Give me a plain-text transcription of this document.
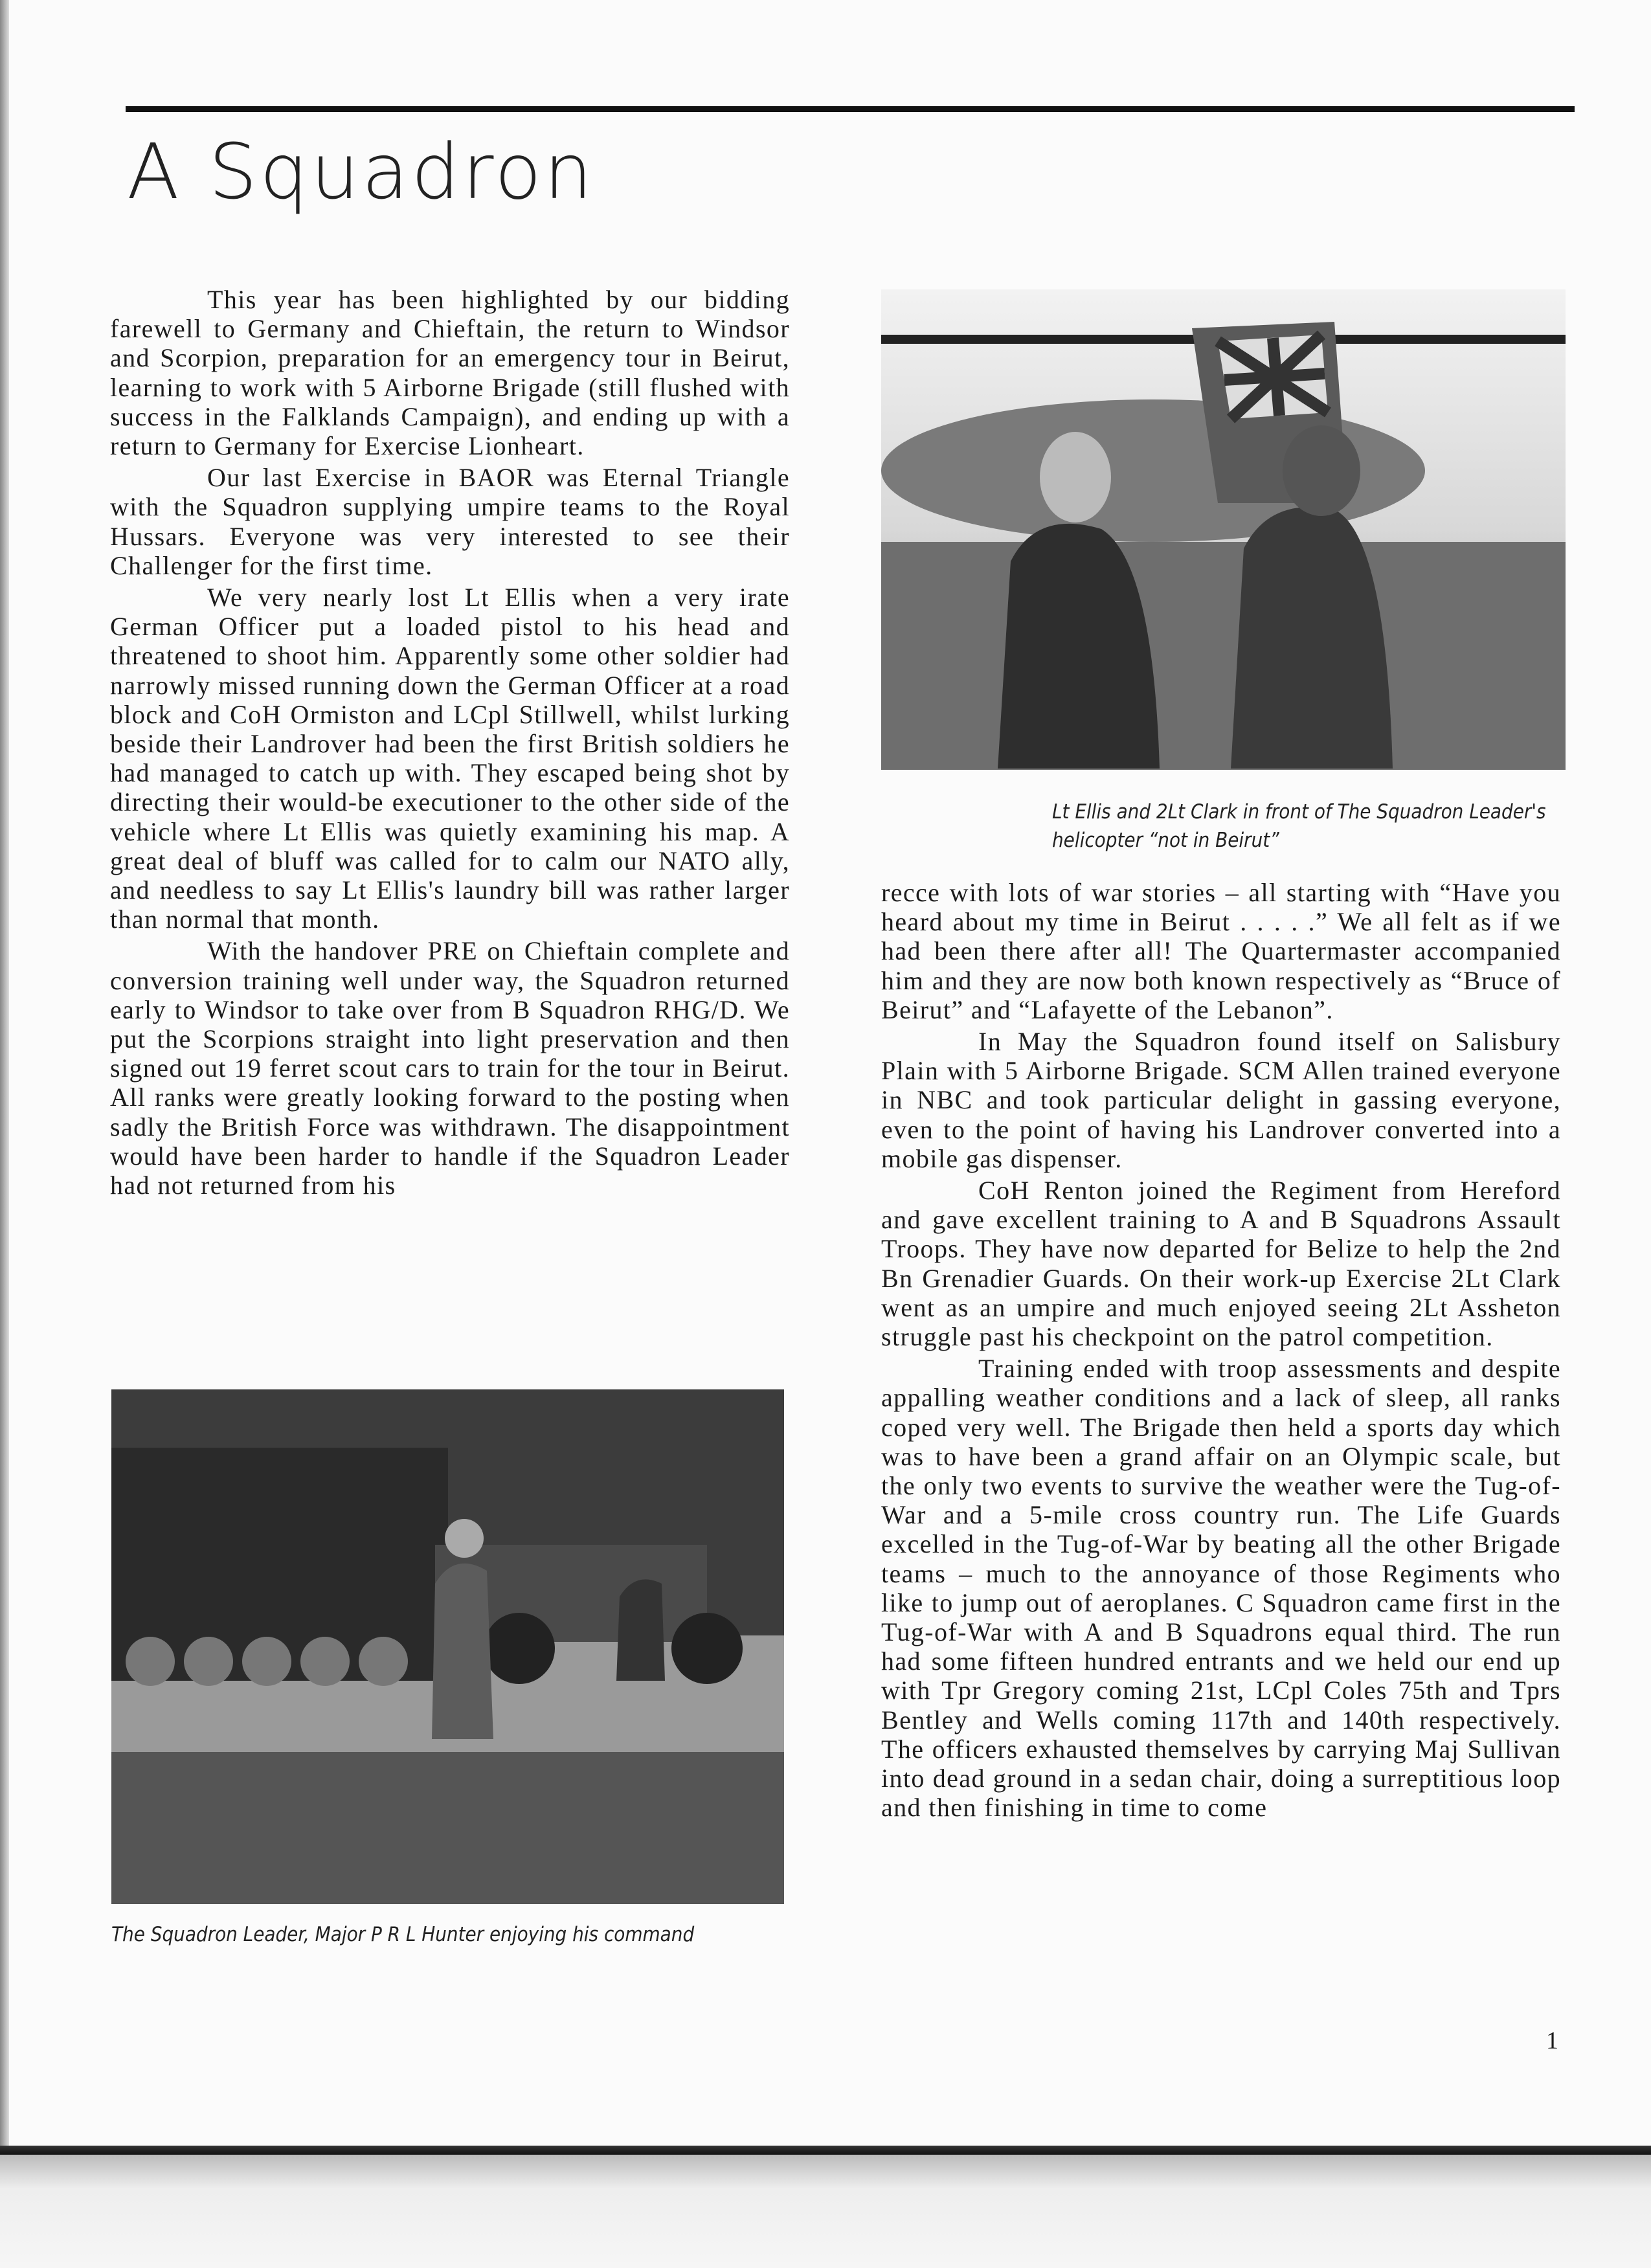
A Squadron

This year has been highlighted by our bidding farewell to Germany and Chieftain, the return to Windsor and Scorpion, preparation for an emergency tour in Beirut, learning to work with 5 Airborne Brigade (still flushed with success in the Falklands Campaign), and ending up with a return to Germany for Exercise Lionheart.

Our last Exercise in BAOR was Eternal Triangle with the Squadron supplying umpire teams to the Royal Hussars. Everyone was very interested to see their Challenger for the first time.

We very nearly lost Lt Ellis when a very irate German Officer put a loaded pistol to his head and threatened to shoot him. Apparently some other soldier had narrowly missed running down the German Officer at a road block and CoH Ormiston and LCpl Stillwell, whilst lurking beside their Landrover had been the first British soldiers he had managed to catch up with. They escaped being shot by directing their would-be executioner to the other side of the vehicle where Lt Ellis was quietly examining his map. A great deal of bluff was called for to calm our NATO ally, and needless to say Lt Ellis's laundry bill was rather larger than normal that month.

With the handover PRE on Chieftain complete and conversion training well under way, the Squadron returned early to Windsor to take over from B Squadron RHG/D. We put the Scorpions straight into light preservation and then signed out 19 ferret scout cars to train for the tour in Beirut. All ranks were greatly looking forward to the posting when sadly the British Force was withdrawn. The disappointment would have been harder to handle if the Squadron Leader had not returned from his

Lt Ellis and 2Lt Clark in front of The Squadron Leader's helicopter “not in Beirut”

recce with lots of war stories – all starting with “Have you heard about my time in Beirut . . . . .” We all felt as if we had been there after all! The Quartermaster accompanied him and they are now both known respectively as “Bruce of Beirut” and “Lafayette of the Lebanon”.

In May the Squadron found itself on Salisbury Plain with 5 Airborne Brigade. SCM Allen trained everyone in NBC and took particular delight in gassing everyone, even to the point of having his Landrover converted into a mobile gas dispenser.

CoH Renton joined the Regiment from Hereford and gave excellent training to A and B Squadrons Assault Troops. They have now departed for Belize to help the 2nd Bn Grenadier Guards. On their work-up Exercise 2Lt Clark went as an umpire and much enjoyed seeing 2Lt Assheton struggle past his checkpoint on the patrol competition.

Training ended with troop assessments and despite appalling weather conditions and a lack of sleep, all ranks coped very well. The Brigade then held a sports day which was to have been a grand affair on an Olympic scale, but the only two events to survive the weather were the Tug-of-War and a 5-mile cross country run. The Life Guards excelled in the Tug-of-War by beating all the other Brigade teams – much to the annoyance of those Regiments who like to jump out of aeroplanes. C Squadron came first in the Tug-of-War with A and B Squadrons equal third. The run had some fifteen hundred entrants and we held our end up with Tpr Gregory coming 21st, LCpl Coles 75th and Tprs Bentley and Wells coming 117th and 140th respectively. The officers exhausted themselves by carrying Maj Sullivan into dead ground in a sedan chair, doing a surreptitious loop and then finishing in time to come

The Squadron Leader, Major P R L Hunter enjoying his command
1
